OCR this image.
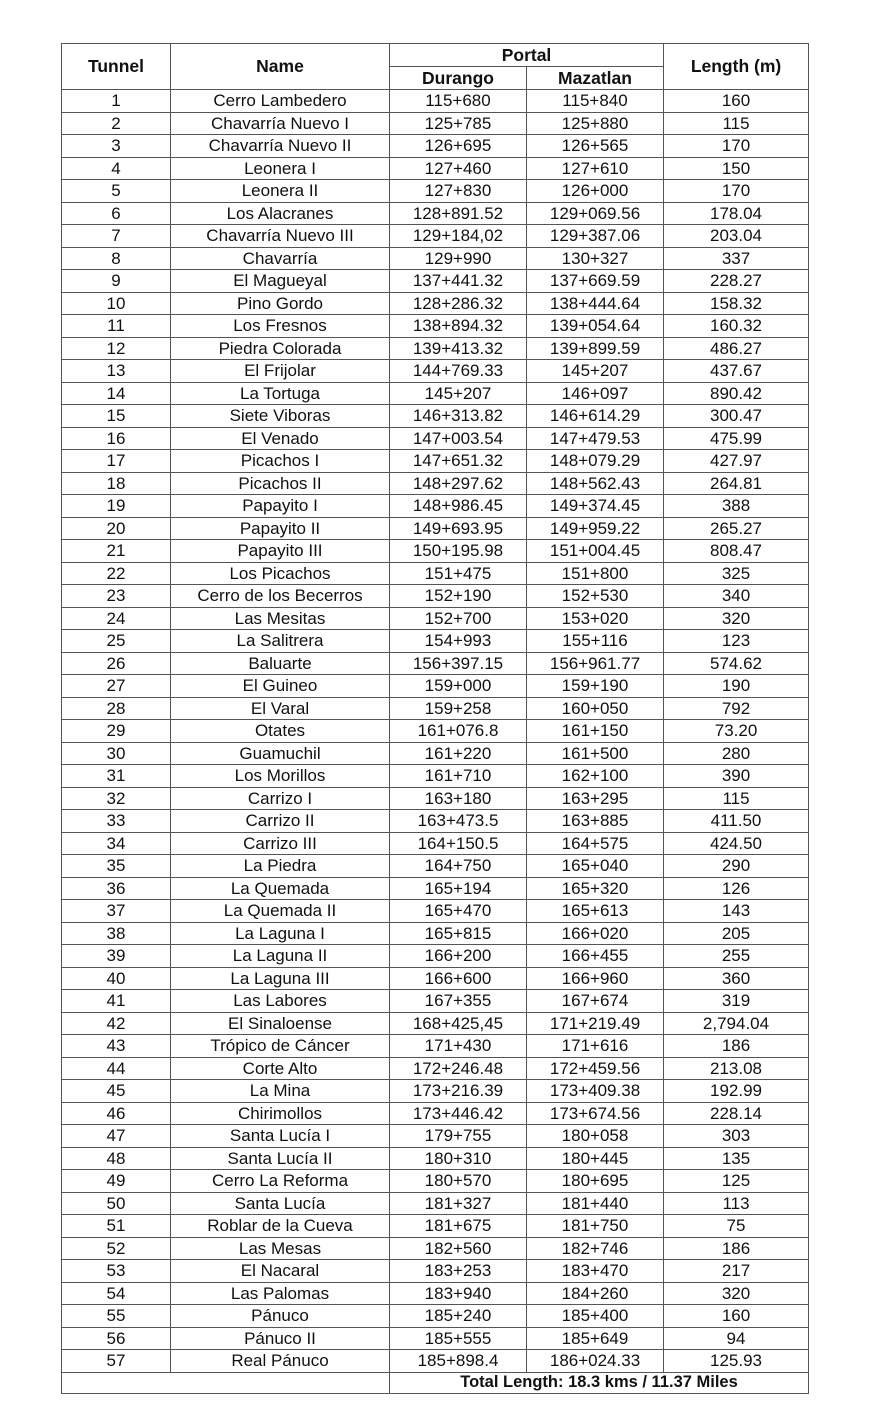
Tunnel	Name	Portal		Length (m)
		Durango	Mazatlan	
1	Cerro Lambedero	115+680	115+840	160
2	Chavarría Nuevo I	125+785	125+880	115
3	Chavarría Nuevo II	126+695	126+565	170
4	Leonera I	127+460	127+610	150
5	Leonera II	127+830	126+000	170
6	Los Alacranes	128+891.52	129+069.56	178.04
7	Chavarría Nuevo III	129+184,02	129+387.06	203.04
8	Chavarría	129+990	130+327	337
9	El Magueyal	137+441.32	137+669.59	228.27
10	Pino Gordo	128+286.32	138+444.64	158.32
11	Los Fresnos	138+894.32	139+054.64	160.32
12	Piedra Colorada	139+413.32	139+899.59	486.27
13	El Frijolar	144+769.33	145+207	437.67
14	La Tortuga	145+207	146+097	890.42
15	Siete Viboras	146+313.82	146+614.29	300.47
16	El Venado	147+003.54	147+479.53	475.99
17	Picachos I	147+651.32	148+079.29	427.97
18	Picachos II	148+297.62	148+562.43	264.81
19	Papayito I	148+986.45	149+374.45	388
20	Papayito II	149+693.95	149+959.22	265.27
21	Papayito III	150+195.98	151+004.45	808.47
22	Los Picachos	151+475	151+800	325
23	Cerro de los Becerros	152+190	152+530	340
24	Las Mesitas	152+700	153+020	320
25	La Salitrera	154+993	155+116	123
26	Baluarte	156+397.15	156+961.77	574.62
27	El Guineo	159+000	159+190	190
28	El Varal	159+258	160+050	792
29	Otates	161+076.8	161+150	73.20
30	Guamuchil	161+220	161+500	280
31	Los Morillos	161+710	162+100	390
32	Carrizo I	163+180	163+295	115
33	Carrizo II	163+473.5	163+885	411.50
34	Carrizo III	164+150.5	164+575	424.50
35	La Piedra	164+750	165+040	290
36	La Quemada	165+194	165+320	126
37	La Quemada II	165+470	165+613	143
38	La Laguna I	165+815	166+020	205
39	La Laguna II	166+200	166+455	255
40	La Laguna III	166+600	166+960	360
41	Las Labores	167+355	167+674	319
42	El Sinaloense	168+425,45	171+219.49	2,794.04
43	Trópico de Cáncer	171+430	171+616	186
44	Corte Alto	172+246.48	172+459.56	213.08
45	La Mina	173+216.39	173+409.38	192.99
46	Chirimollos	173+446.42	173+674.56	228.14
47	Santa Lucía I	179+755	180+058	303
48	Santa Lucía II	180+310	180+445	135
49	Cerro La Reforma	180+570	180+695	125
50	Santa Lucía	181+327	181+440	113
51	Roblar de la Cueva	181+675	181+750	75
52	Las Mesas	182+560	182+746	186
53	El Nacaral	183+253	183+470	217
54	Las Palomas	183+940	184+260	320
55	Pánuco	185+240	185+400	160
56	Pánuco II	185+555	185+649	94
57	Real Pánuco	185+898.4	186+024.33	125.93
		Total Length: 18.3 kms / 11.37 Miles		
